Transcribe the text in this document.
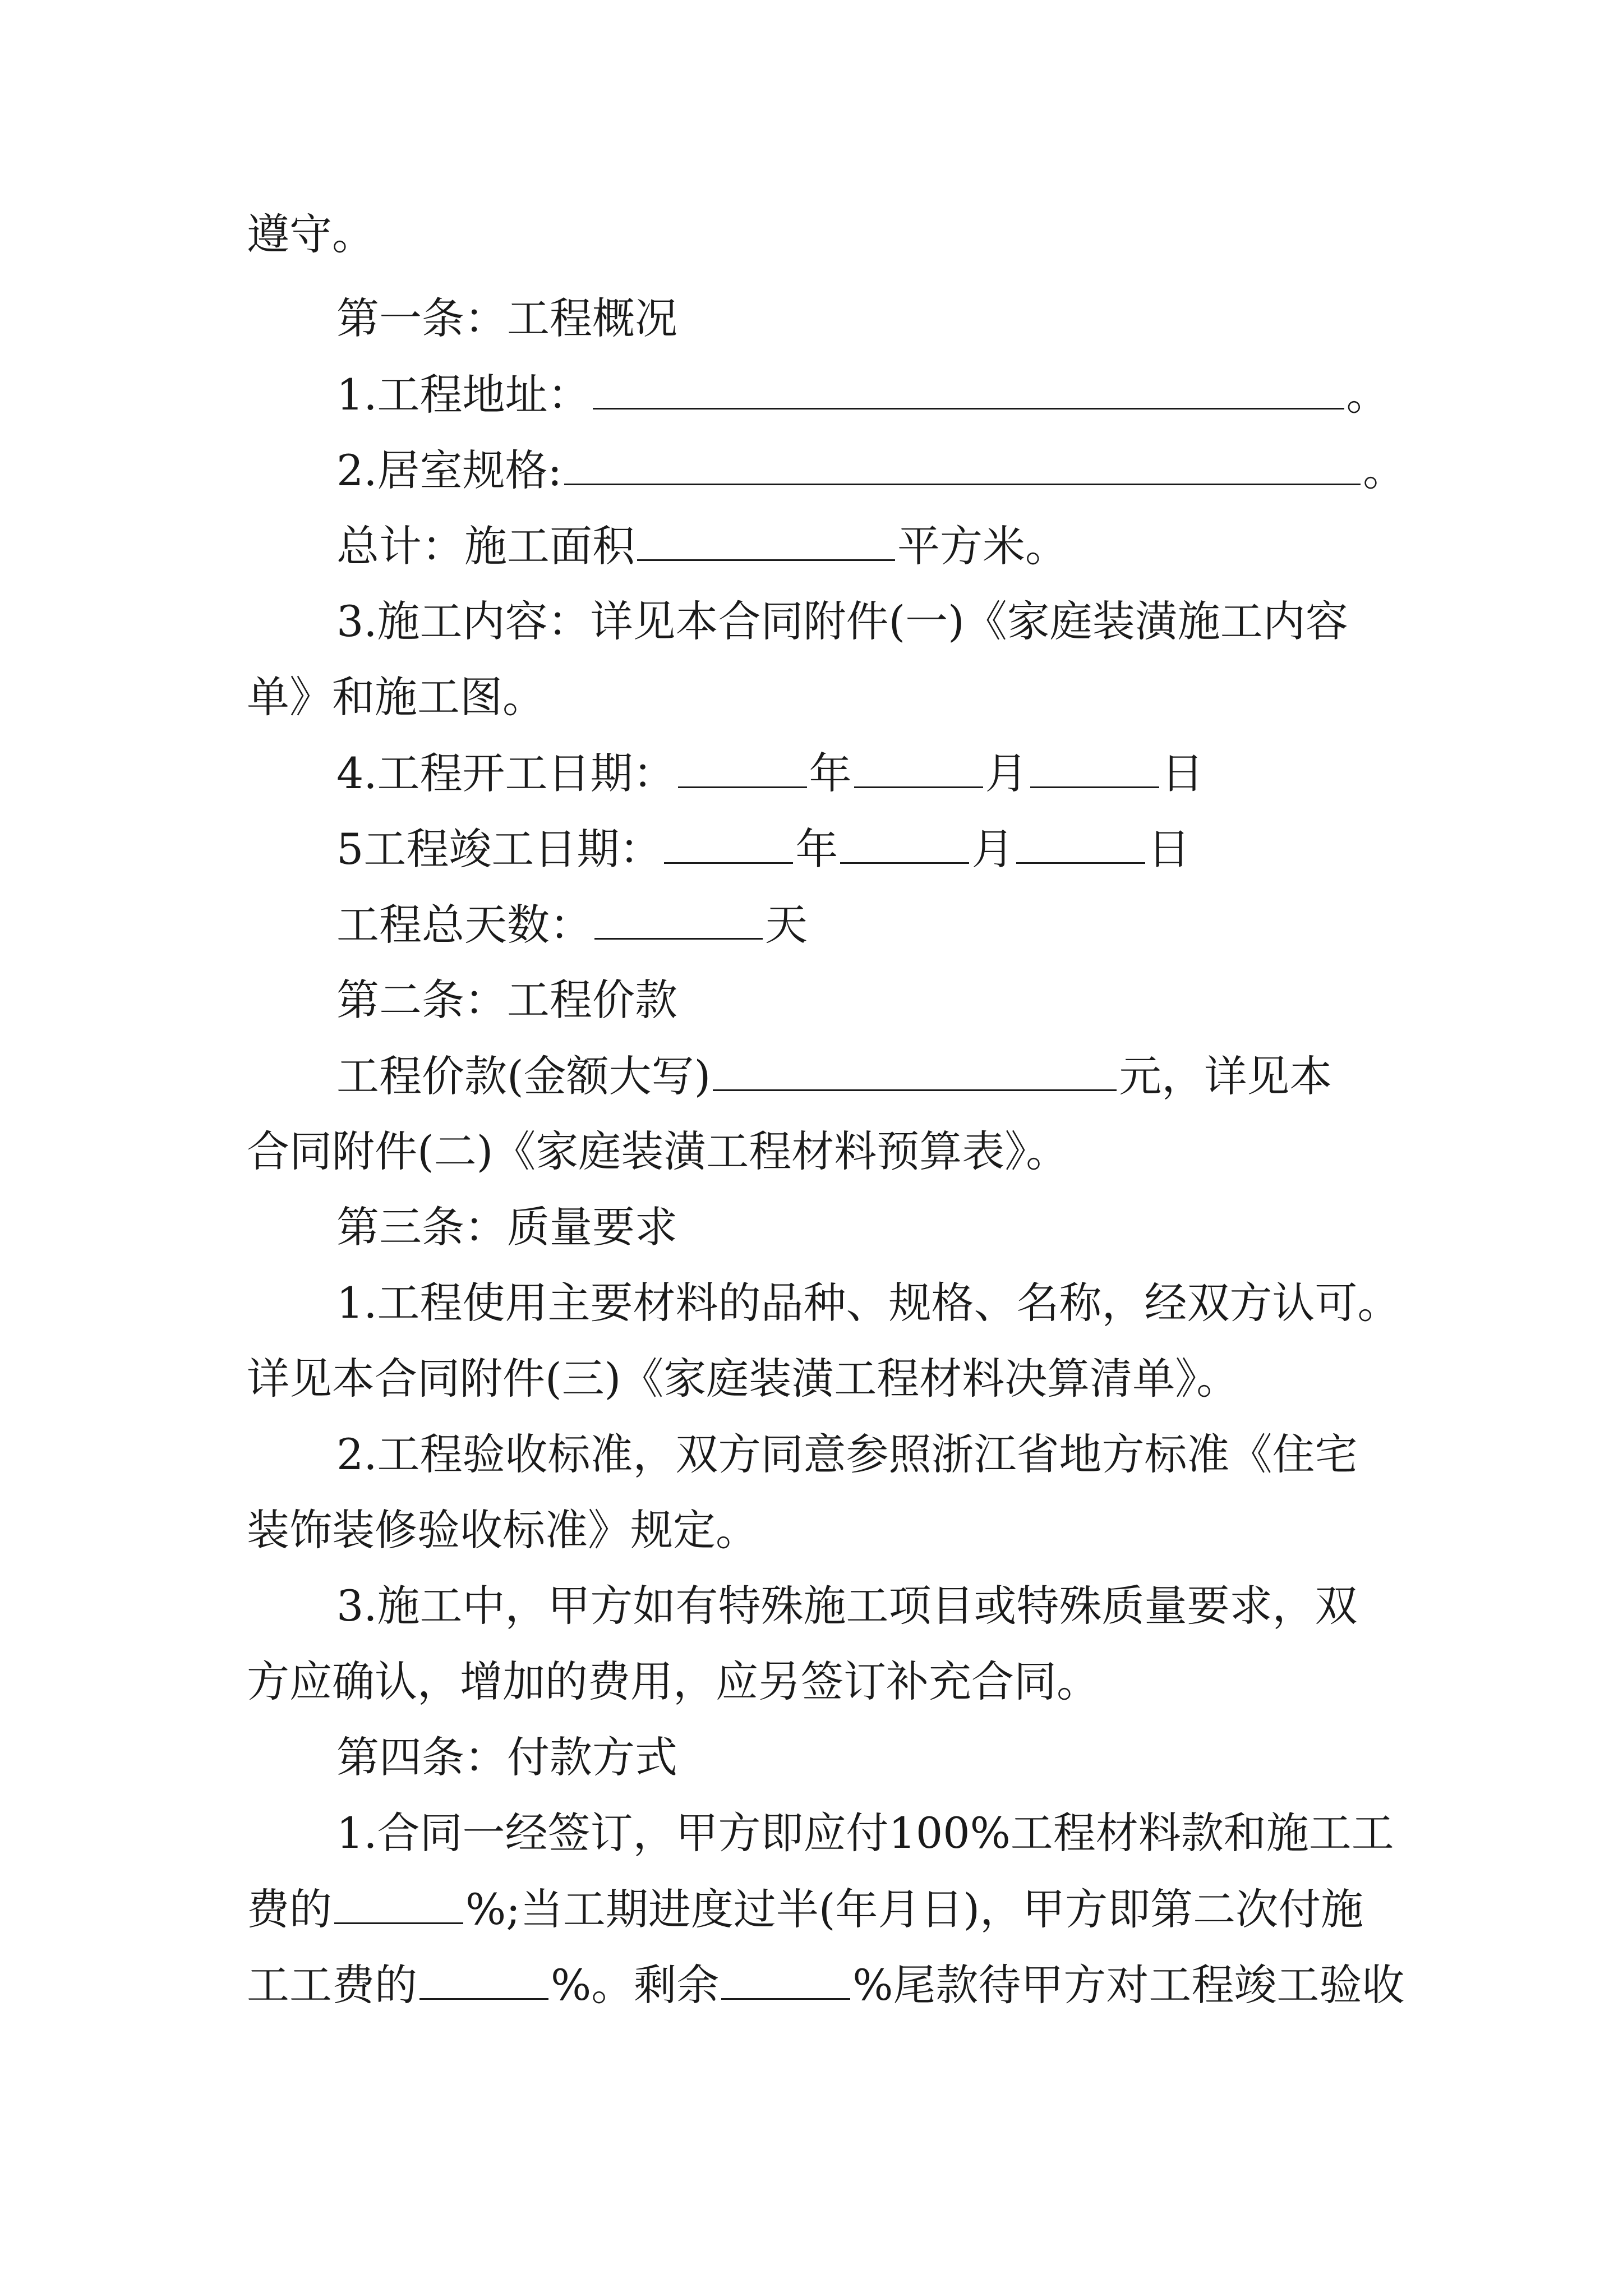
遵守。
第一条：工程概况
1.工程地址：	。
2.居室规格:	。
总计：施工面积	平方米。
3.施工内容：详见本合同附件(一)《家庭装潢施工内容
单》和施工图。
4.工程开工日期：	年	月	日
5工程竣工日期：	年	月	日
工程总天数：	天
第二条：工程价款
工程价款(金额大写)	元，详见本
合同附件(二)《家庭装潢工程材料预算表》。
第三条：质量要求
1.工程使用主要材料的品种、规格、名称，经双方认可。
详见本合同附件(三)《家庭装潢工程材料决算清单》。
2.工程验收标准，双方同意参照浙江省地方标准《住宅
装饰装修验收标准》规定。
3.施工中，甲方如有特殊施工项目或特殊质量要求，双
方应确认，增加的费用，应另签订补充合同。
第四条：付款方式
1.合同一经签订，甲方即应付100%工程材料款和施工工
费的	%;当工期进度过半(年月日)，甲方即第二次付施
工工费的	%。剩余	%尾款待甲方对工程竣工验收
